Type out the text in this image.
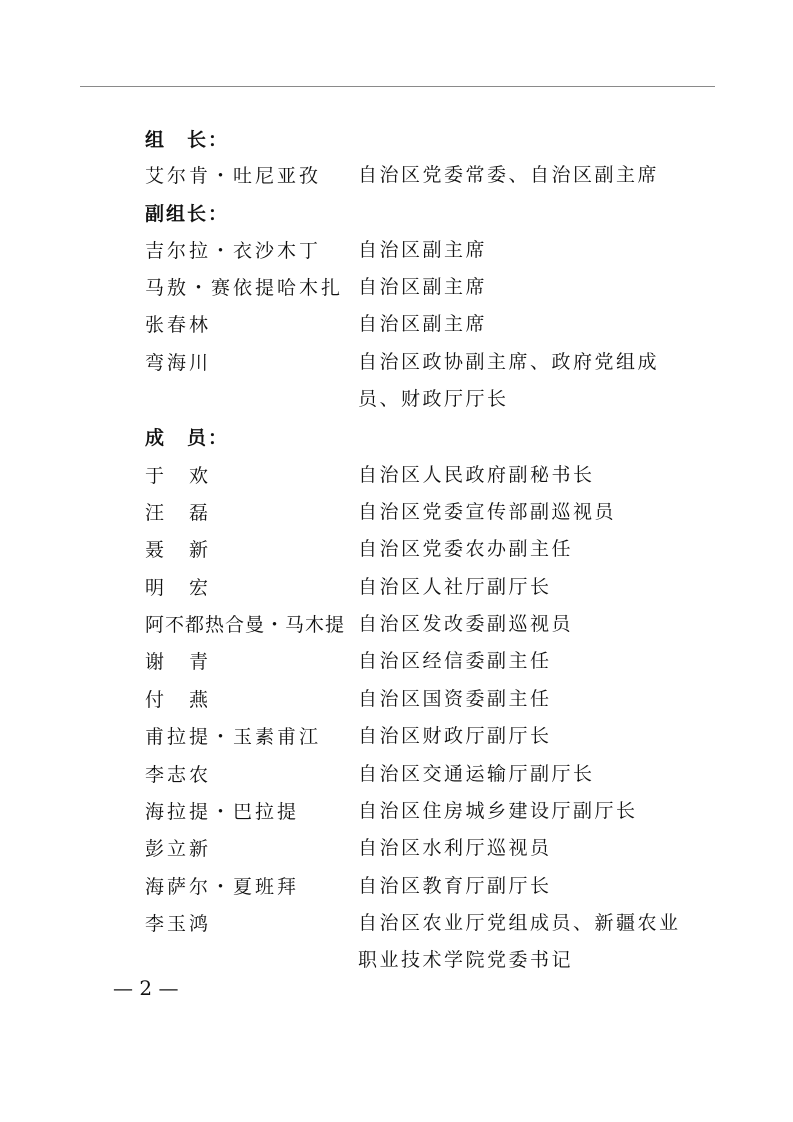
组　长：
艾尔肯・吐尼亚孜 自治区党委常委、自治区副主席
副组长：
吉尔拉・衣沙木丁 自治区副主席
马敖・赛依提哈木扎 自治区副主席
张春林	自治区副主席
弯海川	自治区政协副主席、政府党组成员、财政厅厅长
成　员：
于　欢	自治区人民政府副秘书长
汪　磊	自治区党委宣传部副巡视员
聂　新	自治区党委农办副主任
明　宏	自治区人社厅副厅长
阿不都热合曼・马木提 自治区发改委副巡视员
谢　青	自治区经信委副主任
付　燕	自治区国资委副主任
甫拉提・玉素甫江 自治区财政厅副厅长
李志农	自治区交通运输厅副厅长
海拉提・巴拉提	自治区住房城乡建设厅副厅长
彭立新	自治区水利厅巡视员
海萨尔・夏班拜	自治区教育厅副厅长
李玉鸿	自治区农业厅党组成员、新疆农业职业技术学院党委书记
— 2 —
